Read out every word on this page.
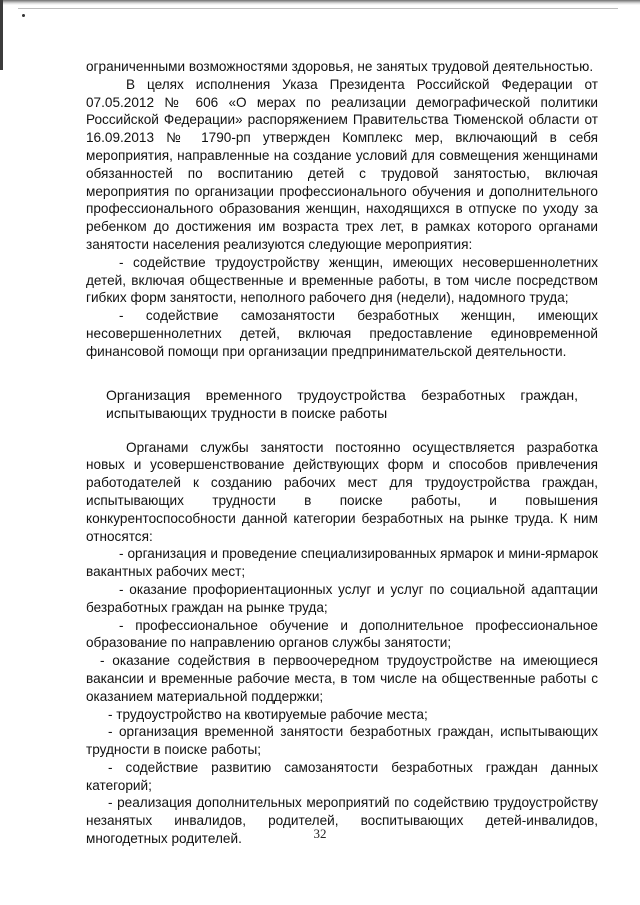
ограниченными возможностями здоровья, не занятых трудовой деятельностью.

В целях исполнения Указа Президента Российской Федерации от 07.05.2012 № 606 «О мерах по реализации демографической политики Российской Федерации» распоряжением Правительства Тюменской области от 16.09.2013 № 1790-рп утвержден Комплекс мер, включающий в себя мероприятия, направленные на создание условий для совмещения женщинами обязанностей по воспитанию детей с трудовой занятостью, включая мероприятия по организации профессионального обучения и дополнительного профессионального образования женщин, находящихся в отпуске по уходу за ребенком до достижения им возраста трех лет, в рамках которого органами занятости населения реализуются следующие мероприятия:

- содействие трудоустройству женщин, имеющих несовершеннолетних детей, включая общественные и временные работы, в том числе посредством гибких форм занятости, неполного рабочего дня (недели), надомного труда;

- содействие самозанятости безработных женщин, имеющих несовершеннолетних детей, включая предоставление единовременной финансовой помощи при организации предпринимательской деятельности.

Организация временного трудоустройства безработных граждан, испытывающих трудности в поиске работы

Органами службы занятости постоянно осуществляется разработка новых и усовершенствование действующих форм и способов привлечения работодателей к созданию рабочих мест для трудоустройства граждан, испытывающих трудности в поиске работы, и повышения конкурентоспособности данной категории безработных на рынке труда. К ним относятся:

- организация и проведение специализированных ярмарок и мини-ярмарок вакантных рабочих мест;

- оказание профориентационных услуг и услуг по социальной адаптации безработных граждан на рынке труда;

- профессиональное обучение и дополнительное профессиональное образование по направлению органов службы занятости;

- оказание содействия в первоочередном трудоустройстве на имеющиеся вакансии и временные рабочие места, в том числе на общественные работы с оказанием материальной поддержки;

- трудоустройство на квотируемые рабочие места;

- организация временной занятости безработных граждан, испытывающих трудности в поиске работы;

- содействие развитию самозанятости безработных граждан данных категорий;

- реализация дополнительных мероприятий по содействию трудоустройству незанятых инвалидов, родителей, воспитывающих детей-инвалидов, многодетных родителей.	32
